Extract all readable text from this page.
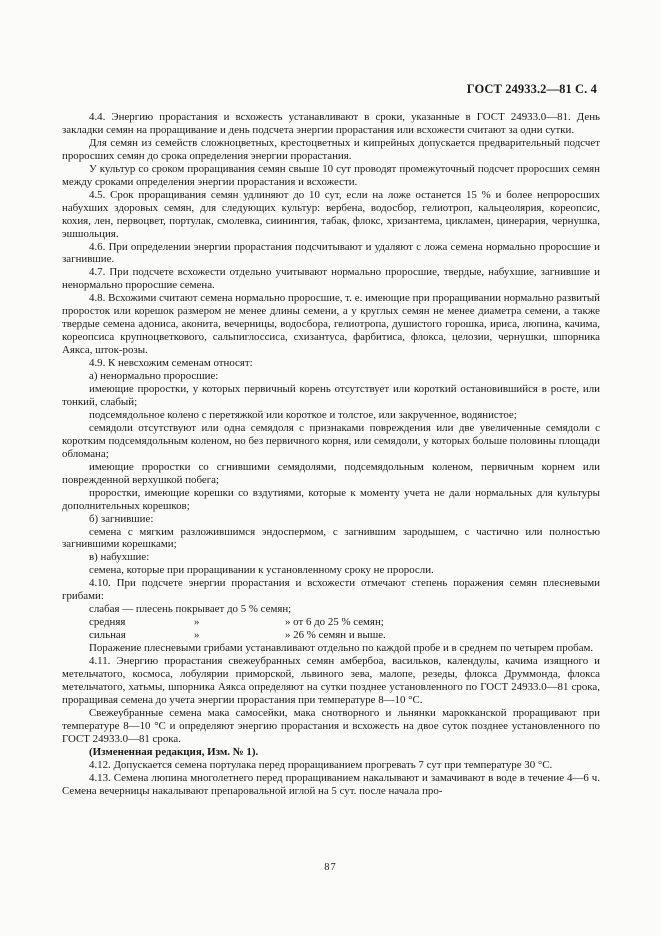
ГОСТ 24933.2—81 С. 4

4.4. Энергию прорастания и всхожесть устанавливают в сроки, указанные в ГОСТ 24933.0—81. День закладки семян на проращивание и день подсчета энергии прорастания или всхожести считают за одни сутки.

Для семян из семейств сложноцветных, крестоцветных и кипрейных допускается предварительный подсчет проросших семян до срока определения энергии прорастания.

У культур со сроком проращивания семян свыше 10 сут проводят промежуточный подсчет проросших семян между сроками определения энергии прорастания и всхожести.

4.5. Срок проращивания семян удлиняют до 10 сут, если на ложе останется 15 % и более непроросших набухших здоровых семян, для следующих культур: вербена, водосбор, гелиотроп, кальцеолярия, кореопсис, кохия, лен, первоцвет, портулак, смолевка, сиинингия, табак, флокс, хризантема, цикламен, цинерария, чернушка, эшшольция.

4.6. При определении энергии прорастания подсчитывают и удаляют с ложа семена нормально проросшие и загнившие.

4.7. При подсчете всхожести отдельно учитывают нормально проросшие, твердые, набухшие, загнившие и ненормально проросшие семена.

4.8. Всхожими считают семена нормально проросшие, т. е. имеющие при проращивании нормально развитый проросток или корешок размером не менее длины семени, а у круглых семян не менее диаметра семени, а также твердые семена адониса, аконита, вечерницы, водосбора, гелиотропа, душистого горошка, ириса, люпина, качима, кореопсиса крупноцветкового, сальпиглоссиса, схизантуса, фарбитиса, флокса, целозии, чернушки, шпорника Аякса, шток-розы.

4.9. К невсхожим семенам относят:

а) ненормально проросшие:

имеющие проростки, у которых первичный корень отсутствует или короткий остановившийся в росте, или тонкий, слабый;

подсемядольное колено с перетяжкой или короткое и толстое, или закрученное, водянистое;

семядоли отсутствуют или одна семядоля с признаками повреждения или две увеличенные семядоли с коротким подсемядольным коленом, но без первичного корня, или семядоли, у которых больше половины площади обломана;

имеющие проростки со сгнившими семядолями, подсемядольным коленом, первичным корнем или поврежденной верхушкой побега;

проростки, имеющие корешки со вздутиями, которые к моменту учета не дали нормальных для культуры дополнительных корешков;

б) загнившие:

семена с мягким разложившимся эндоспермом, с загнившим зародышем, с частично или полностью загнившими корешками;

в) набухшие:

семена, которые при проращивании к установленному сроку не проросли.

4.10. При подсчете энергии прорастания и всхожести отмечают степень поражения семян плесневыми грибами:

слабая — плесень покрывает до 5 % семян;
средняя	»	» от 6 до 25 % семян;
сильная	»	» 26 % семян и выше.

Поражение плесневыми грибами устанавливают отдельно по каждой пробе и в среднем по четырем пробам.

4.11. Энергию прорастания свежеубранных семян амбербоа, васильков, календулы, качима изящного и метельчатого, космоса, лобулярии приморской, львиного зева, малопе, резеды, флокса Друммонда, флокса метельчатого, хатьмы, шпорника Аякса определяют на сутки позднее установленного по ГОСТ 24933.0—81 срока, проращивая семена до учета энергии прорастания при температуре 8—10 °С.

Свежеубранные семена мака самосейки, мака снотворного и льнянки марокканской проращивают при температуре 8—10 °С и определяют энергию прорастания и всхожесть на двое суток позднее установленного по ГОСТ 24933.0—81 срока.

(Измененная редакция, Изм. № 1).

4.12. Допускается семена портулака перед проращиванием прогревать 7 сут при температуре 30 °С.

4.13. Семена люпина многолетнего перед проращиванием накалывают и замачивают в воде в течение 4—6 ч. Семена вечерницы накалывают препаровальной иглой на 5 сут. после начала про-

87
